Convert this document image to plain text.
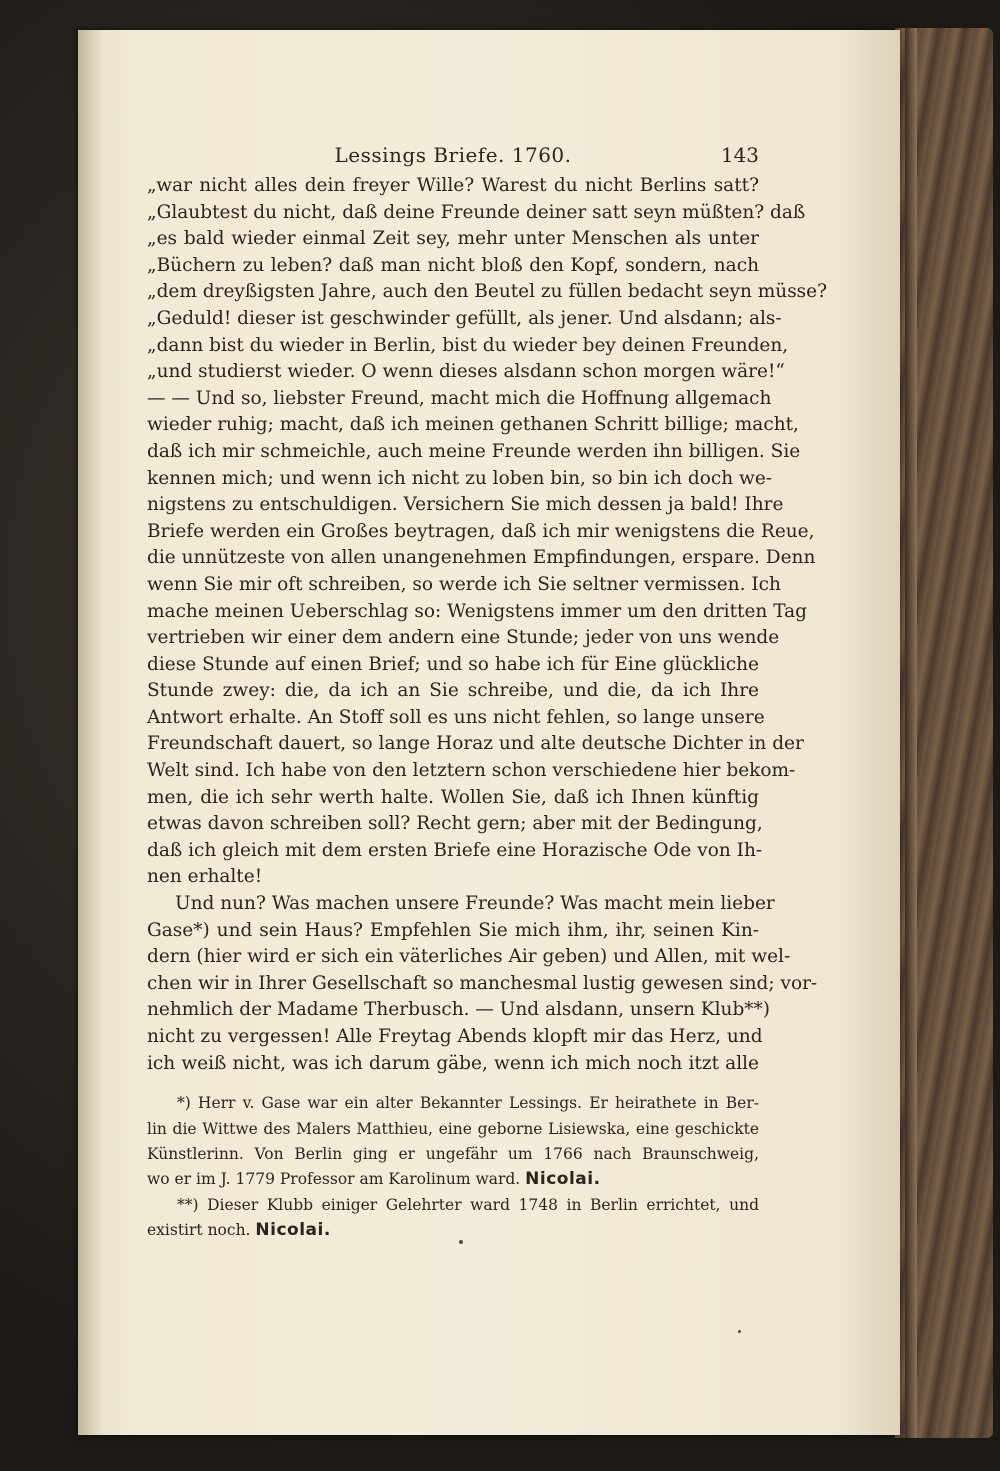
Lessings Briefe. 1760.	143
„war nicht alles dein freyer Wille? Warest du nicht Berlins satt?
„Glaubtest du nicht, daß deine Freunde deiner satt seyn müßten? daß
„es bald wieder einmal Zeit sey, mehr unter Menschen als unter
„Büchern zu leben? daß man nicht bloß den Kopf, sondern, nach
„dem dreyßigsten Jahre, auch den Beutel zu füllen bedacht seyn müsse?
„Geduld! dieser ist geschwinder gefüllt, als jener. Und alsdann; als-
„dann bist du wieder in Berlin, bist du wieder bey deinen Freunden,
„und studierst wieder. O wenn dieses alsdann schon morgen wäre!“
— — Und so, liebster Freund, macht mich die Hoffnung allgemach
wieder ruhig; macht, daß ich meinen gethanen Schritt billige; macht,
daß ich mir schmeichle, auch meine Freunde werden ihn billigen. Sie
kennen mich; und wenn ich nicht zu loben bin, so bin ich doch we-
nigstens zu entschuldigen. Versichern Sie mich dessen ja bald! Ihre
Briefe werden ein Großes beytragen, daß ich mir wenigstens die Reue,
die unnützeste von allen unangenehmen Empfindungen, erspare. Denn
wenn Sie mir oft schreiben, so werde ich Sie seltner vermissen. Ich
mache meinen Ueberschlag so: Wenigstens immer um den dritten Tag
vertrieben wir einer dem andern eine Stunde; jeder von uns wende
diese Stunde auf einen Brief; und so habe ich für Eine glückliche
Stunde zwey: die, da ich an Sie schreibe, und die, da ich Ihre
Antwort erhalte. An Stoff soll es uns nicht fehlen, so lange unsere
Freundschaft dauert, so lange Horaz und alte deutsche Dichter in der
Welt sind. Ich habe von den letztern schon verschiedene hier bekom-
men, die ich sehr werth halte. Wollen Sie, daß ich Ihnen künftig
etwas davon schreiben soll? Recht gern; aber mit der Bedingung,
daß ich gleich mit dem ersten Briefe eine Horazische Ode von Ih-
nen erhalte!
Und nun? Was machen unsere Freunde? Was macht mein lieber
Gase*) und sein Haus? Empfehlen Sie mich ihm, ihr, seinen Kin-
dern (hier wird er sich ein väterliches Air geben) und Allen, mit wel-
chen wir in Ihrer Gesellschaft so manchesmal lustig gewesen sind; vor-
nehmlich der Madame Therbusch. — Und alsdann, unsern Klub**)
nicht zu vergessen! Alle Freytag Abends klopft mir das Herz, und
ich weiß nicht, was ich darum gäbe, wenn ich mich noch itzt alle
*) Herr v. Gase war ein alter Bekannter Lessings. Er heirathete in Ber-
lin die Wittwe des Malers Matthieu, eine geborne Lisiewska, eine geschickte
Künstlerinn. Von Berlin ging er ungefähr um 1766 nach Braunschweig,
wo er im J. 1779 Professor am Karolinum ward. Nicolai.
**) Dieser Klubb einiger Gelehrter ward 1748 in Berlin errichtet, und
existirt noch. Nicolai.
